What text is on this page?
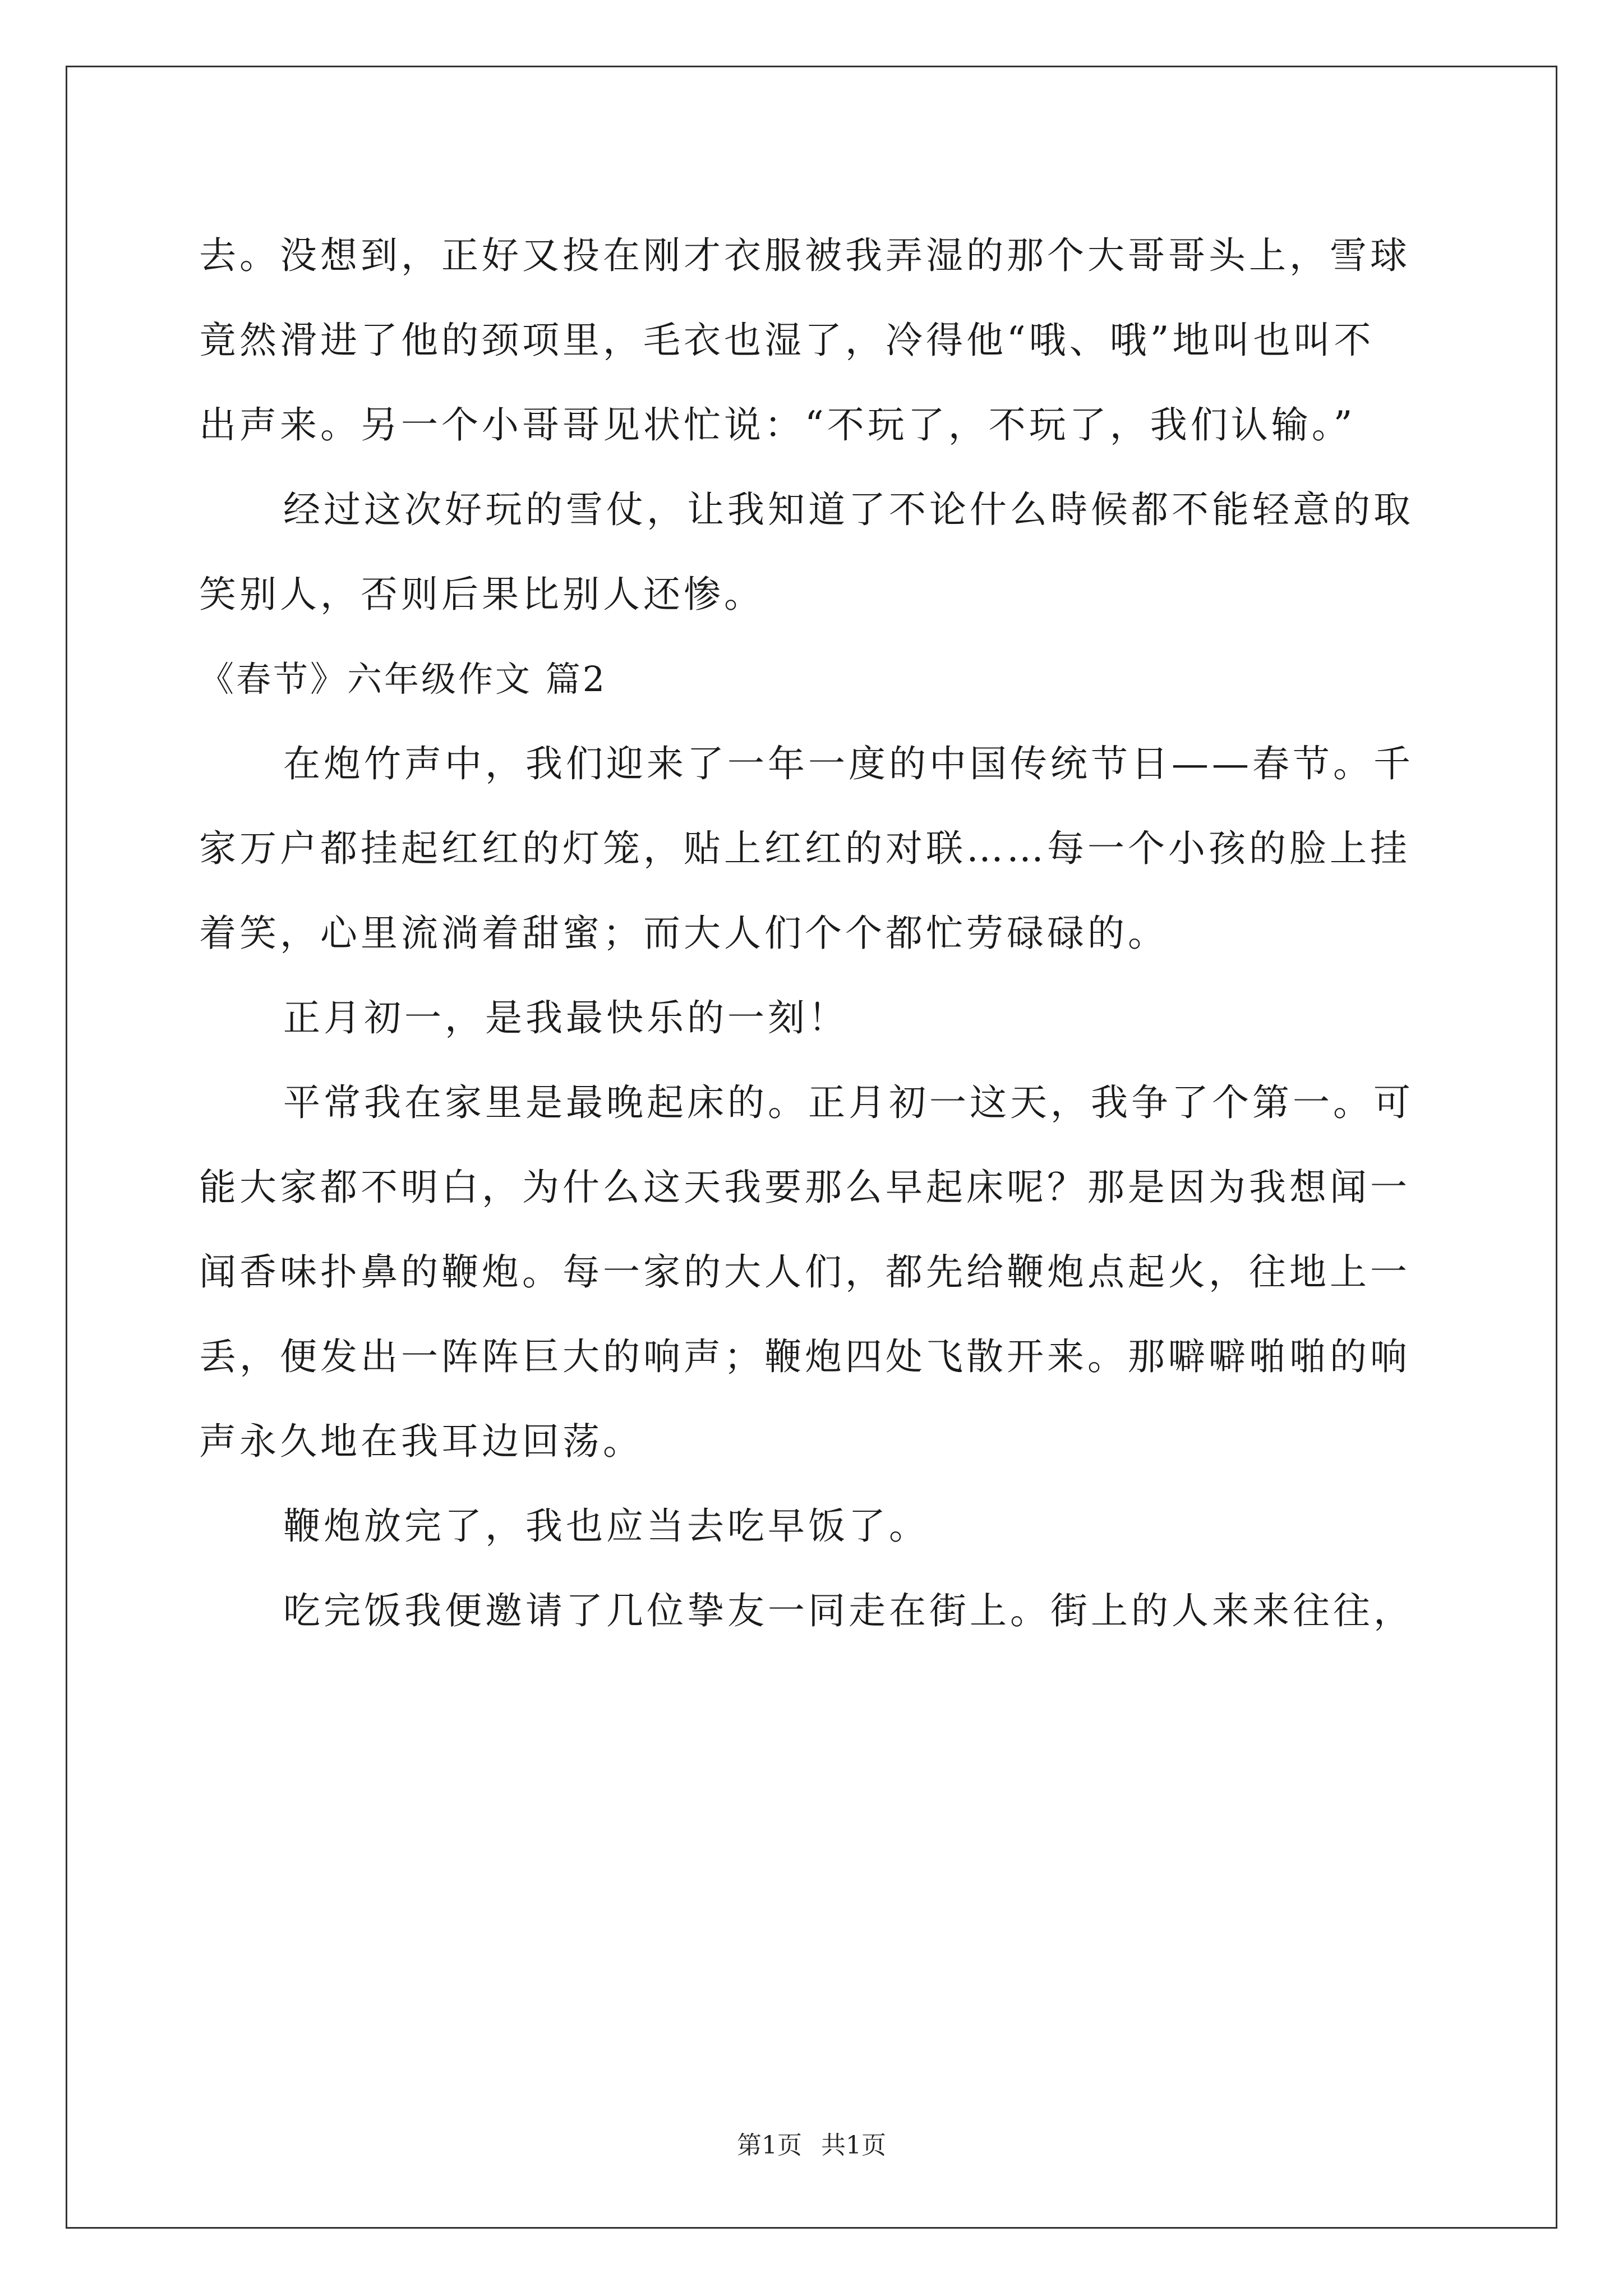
去。没想到，正好又投在刚才衣服被我弄湿的那个大哥哥头上，雪球
竟然滑进了他的颈项里，毛衣也湿了，冷得他“哦、哦”地叫也叫不
出声来。另一个小哥哥见状忙说：“不玩了，不玩了，我们认输。”
经过这次好玩的雪仗，让我知道了不论什么時候都不能轻意的取
笑别人，否则后果比别人还惨。
《春节》六年级作文 篇2
在炮竹声中，我们迎来了一年一度的中国传统节日——春节。千
家万户都挂起红红的灯笼，贴上红红的对联……每一个小孩的脸上挂
着笑，心里流淌着甜蜜；而大人们个个都忙劳碌碌的。
正月初一，是我最快乐的一刻！
平常我在家里是最晚起床的。正月初一这天，我争了个第一。可
能大家都不明白，为什么这天我要那么早起床呢？那是因为我想闻一
闻香味扑鼻的鞭炮。每一家的大人们，都先给鞭炮点起火，往地上一
丢，便发出一阵阵巨大的响声；鞭炮四处飞散开来。那噼噼啪啪的响
声永久地在我耳边回荡。
鞭炮放完了，我也应当去吃早饭了。
吃完饭我便邀请了几位挚友一同走在街上。街上的人来来往往，
第1页 共1页
